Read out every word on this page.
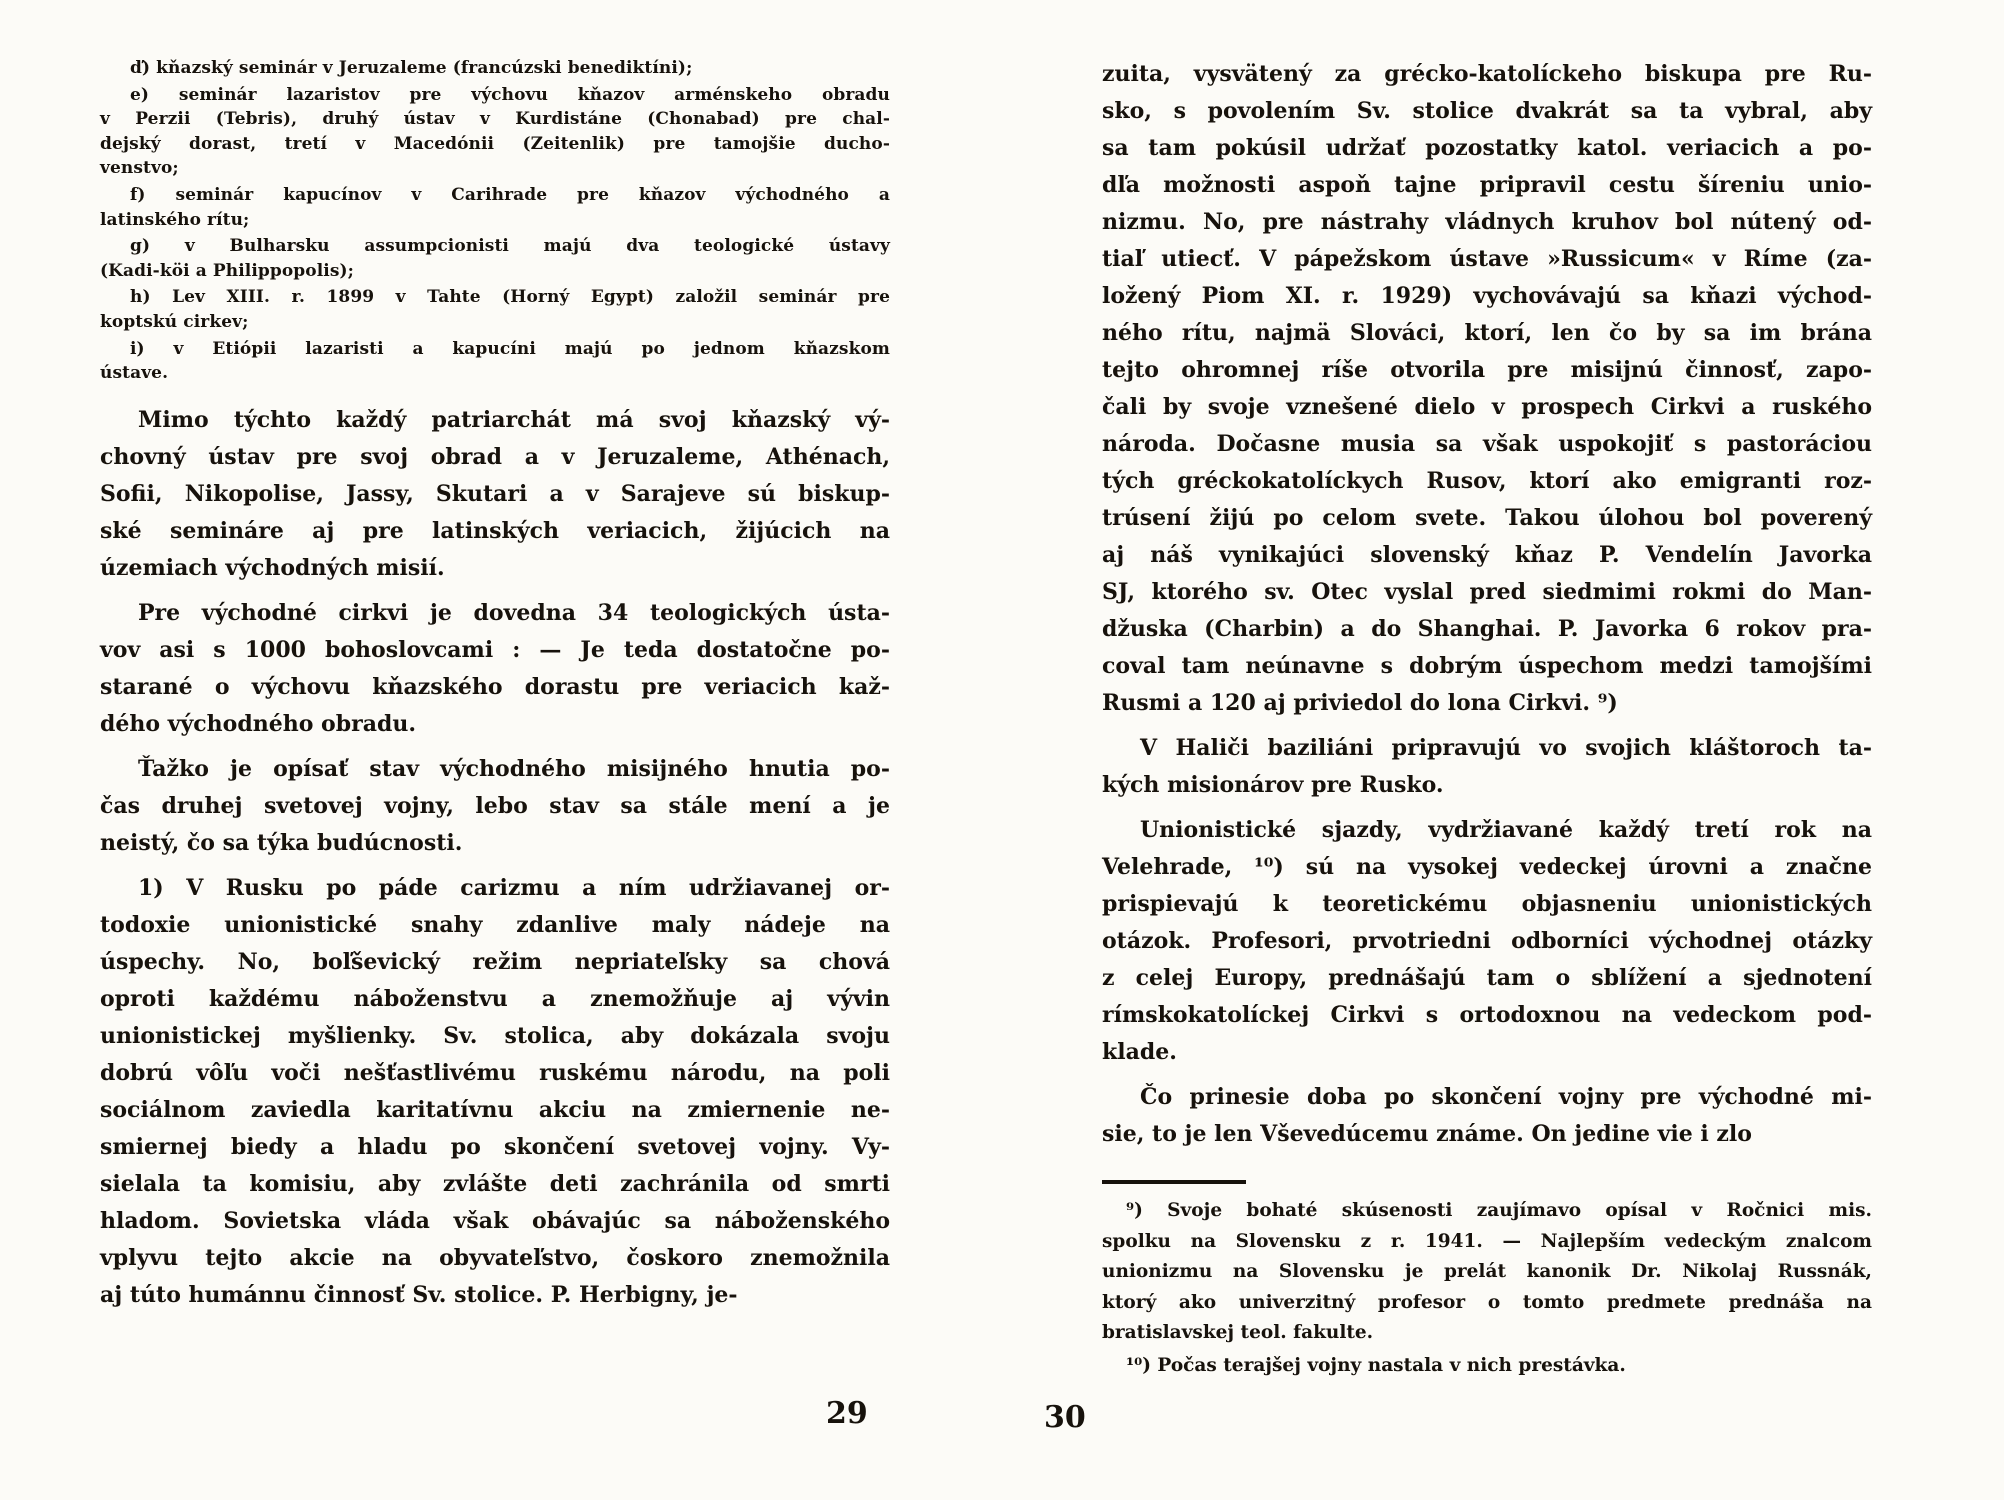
ď) kňazský seminár v Jeruzaleme (francúzski benediktíni);
e) seminár lazaristov pre výchovu kňazov arménskeho obradu
v Perzii (Tebris), druhý ústav v Kurdistáne (Chonabad) pre chal-
dejský dorast, tretí v Macedónii (Zeitenlik) pre tamojšie ducho-
venstvo;
f) seminár kapucínov v Carihrade pre kňazov východného a
latinského rítu;
g) v Bulharsku assumpcionisti majú dva teologické ústavy
(Kadi-köi a Philippopolis);
h) Lev XIII. r. 1899 v Tahte (Horný Egypt) založil seminár pre
koptskú cirkev;
i) v Etiópii lazaristi a kapucíni majú po jednom kňazskom
ústave.
Mimo týchto každý patriarchát má svoj kňazský vý-
chovný ústav pre svoj obrad a v Jeruzaleme, Athénach,
Sofii, Nikopolise, Jassy, Skutari a v Sarajeve sú biskup-
ské semináre aj pre latinských veriacich, žijúcich na
územiach východných misií.
Pre východné cirkvi je dovedna 34 teologických ústa-
vov asi s 1000 bohoslovcami : — Je teda dostatočne po-
starané o výchovu kňazského dorastu pre veriacich kaž-
dého východného obradu.
Ťažko je opísať stav východného misijného hnutia po-
čas druhej svetovej vojny, lebo stav sa stále mení a je
neistý, čo sa týka budúcnosti.
1) V Rusku po páde carizmu a ním udržiavanej or-
todoxie unionistické snahy zdanlive maly nádeje na
úspechy. No, boľševický režim nepriateľsky sa chová
oproti každému náboženstvu a znemožňuje aj vývin
unionistickej myšlienky. Sv. stolica, aby dokázala svoju
dobrú vôľu voči nešťastlivému ruskému národu, na poli
sociálnom zaviedla karitatívnu akciu na zmiernenie ne-
smiernej biedy a hladu po skončení svetovej vojny. Vy-
sielala ta komisiu, aby zvlášte deti zachránila od smrti
hladom. Sovietska vláda však obávajúc sa náboženského
vplyvu tejto akcie na obyvateľstvo, čoskoro znemožnila
aj túto humánnu činnosť Sv. stolice. P. Herbigny, je-
29
zuita, vysvätený za grécko-katolíckeho biskupa pre Ru-
sko, s povolením Sv. stolice dvakrát sa ta vybral, aby
sa tam pokúsil udržať pozostatky katol. veriacich a po-
dľa možnosti aspoň tajne pripravil cestu šíreniu unio-
nizmu. No, pre nástrahy vládnych kruhov bol nútený od-
tiaľ utiecť. V pápežskom ústave »Russicum« v Ríme (za-
ložený Piom XI. r. 1929) vychovávajú sa kňazi východ-
ného rítu, najmä Slováci, ktorí, len čo by sa im brána
tejto ohromnej ríše otvorila pre misijnú činnosť, zapo-
čali by svoje vznešené dielo v prospech Cirkvi a ruského
národa. Dočasne musia sa však uspokojiť s pastoráciou
tých gréckokatolíckych Rusov, ktorí ako emigranti roz-
trúsení žijú po celom svete. Takou úlohou bol poverený
aj náš vynikajúci slovenský kňaz P. Vendelín Javorka
SJ, ktorého sv. Otec vyslal pred siedmimi rokmi do Man-
džuska (Charbin) a do Shanghai. P. Javorka 6 rokov pra-
coval tam neúnavne s dobrým úspechom medzi tamojšími
Rusmi a 120 aj priviedol do lona Cirkvi. ⁹)
V Haliči baziliáni pripravujú vo svojich kláštoroch ta-
kých misionárov pre Rusko.
Unionistické sjazdy, vydržiavané každý tretí rok na
Velehrade, ¹⁰) sú na vysokej vedeckej úrovni a značne
prispievajú k teoretickému objasneniu unionistických
otázok. Profesori, prvotriedni odborníci východnej otázky
z celej Europy, prednášajú tam o sblížení a sjednotení
rímskokatolíckej Cirkvi s ortodoxnou na vedeckom pod-
klade.
Čo prinesie doba po skončení vojny pre východné mi-
sie, to je len Vševedúcemu známe. On jedine vie i zlo
⁹) Svoje bohaté skúsenosti zaujímavo opísal v Ročnici mis.
spolku na Slovensku z r. 1941. — Najlepším vedeckým znalcom
unionizmu na Slovensku je prelát kanonik Dr. Nikolaj Russnák,
ktorý ako univerzitný profesor o tomto predmete prednáša na
bratislavskej teol. fakulte.
¹⁰) Počas terajšej vojny nastala v nich prestávka.
30
